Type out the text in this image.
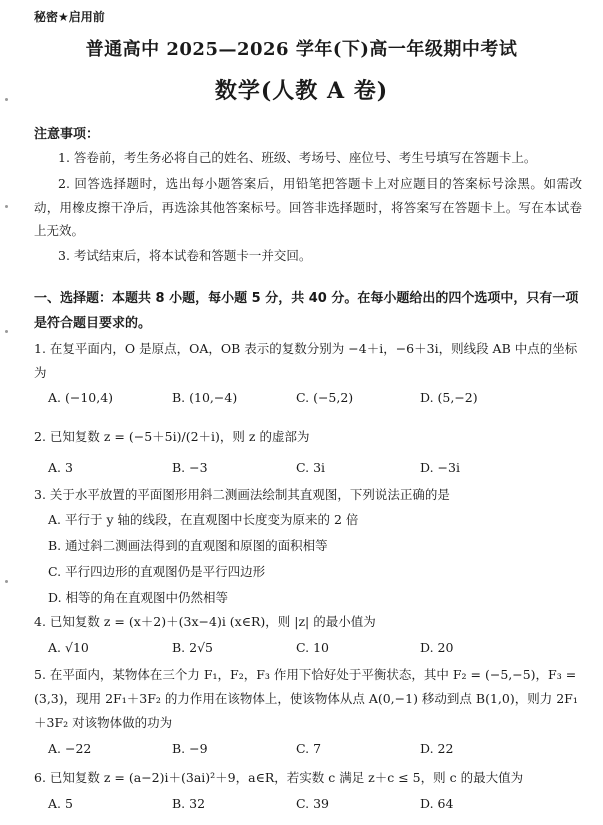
秘密★启用前
普通高中 2025—2026 学年(下)高一年级期中考试
数学(人教 A 卷)
注意事项：
1. 答卷前，考生务必将自己的姓名、班级、考场号、座位号、考生号填写在答题卡上。
2. 回答选择题时，选出每小题答案后，用铅笔把答题卡上对应题目的答案标号涂黑。如需改动，用橡皮擦干净后，再选涂其他答案标号。回答非选择题时，将答案写在答题卡上。写在本试卷上无效。
3. 考试结束后，将本试卷和答题卡一并交回。
一、选择题：本题共 8 小题，每小题 5 分，共 40 分。在每小题给出的四个选项中，只有一项是符合题目要求的。
1. 在复平面内，O 是原点，OA，OB 表示的复数分别为 −4＋i，−6＋3i，则线段 AB 中点的坐标为
A. (−10,4)	B. (10,−4)	C. (−5,2)	D. (5,−2)
2. 已知复数 z = (−5＋5i)/(2＋i)，则 z 的虚部为
A. 3	B. −3	C. 3i	D. −3i
3. 关于水平放置的平面图形用斜二测画法绘制其直观图，下列说法正确的是
A. 平行于 y 轴的线段，在直观图中长度变为原来的 2 倍
B. 通过斜二测画法得到的直观图和原图的面积相等
C. 平行四边形的直观图仍是平行四边形
D. 相等的角在直观图中仍然相等
4. 已知复数 z = (x＋2)＋(3x−4)i (x∈R)，则 |z| 的最小值为
A. √10	B. 2√5	C. 10	D. 20
5. 在平面内，某物体在三个力 F₁，F₂，F₃ 作用下恰好处于平衡状态，其中 F₂ = (−5,−5)，F₃ = (3,3)，现用 2F₁＋3F₂ 的力作用在该物体上，使该物体从点 A(0,−1) 移动到点 B(1,0)，则力 2F₁＋3F₂ 对该物体做的功为
A. −22	B. −9	C. 7	D. 22
6. 已知复数 z = (a−2)i＋(3ai)²＋9，a∈R，若实数 c 满足 z＋c ≤ 5，则 c 的最大值为
A. 5	B. 32	C. 39	D. 64
